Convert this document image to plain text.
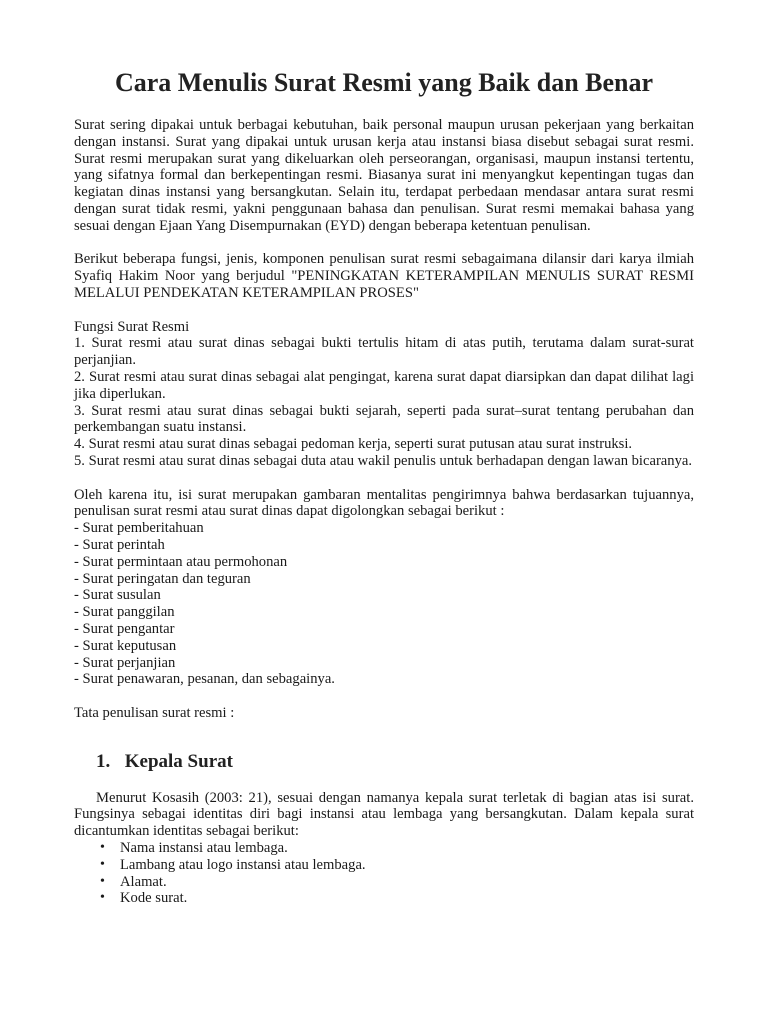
Cara Menulis Surat Resmi yang Baik dan Benar

Surat sering dipakai untuk berbagai kebutuhan, baik personal maupun urusan pekerjaan yang berkaitan dengan instansi. Surat yang dipakai untuk urusan kerja atau instansi biasa disebut sebagai surat resmi. Surat resmi merupakan surat yang dikeluarkan oleh perseorangan, organisasi, maupun instansi tertentu, yang sifatnya formal dan berkepentingan resmi. Biasanya surat ini menyangkut kepentingan tugas dan kegiatan dinas instansi yang bersangkutan. Selain itu, terdapat perbedaan mendasar antara surat resmi dengan surat tidak resmi, yakni penggunaan bahasa dan penulisan. Surat resmi memakai bahasa yang sesuai dengan Ejaan Yang Disempurnakan (EYD) dengan beberapa ketentuan penulisan.

Berikut beberapa fungsi, jenis, komponen penulisan surat resmi sebagaimana dilansir dari karya ilmiah Syafiq Hakim Noor yang berjudul "PENINGKATAN KETERAMPILAN MENULIS SURAT RESMI MELALUI PENDEKATAN KETERAMPILAN PROSES"

Fungsi Surat Resmi

1. Surat resmi atau surat dinas sebagai bukti tertulis hitam di atas putih, terutama dalam surat-surat perjanjian.

2. Surat resmi atau surat dinas sebagai alat pengingat, karena surat dapat diarsipkan dan dapat dilihat lagi jika diperlukan.

3. Surat resmi atau surat dinas sebagai bukti sejarah, seperti pada surat–surat tentang perubahan dan perkembangan suatu instansi.

4. Surat resmi atau surat dinas sebagai pedoman kerja, seperti surat putusan atau surat instruksi.

5. Surat resmi atau surat dinas sebagai duta atau wakil penulis untuk berhadapan dengan lawan bicaranya.

Oleh karena itu, isi surat merupakan gambaran mentalitas pengirimnya bahwa berdasarkan tujuannya, penulisan surat resmi atau surat dinas dapat digolongkan sebagai berikut :

- Surat pemberitahuan
- Surat perintah
- Surat permintaan atau permohonan
- Surat peringatan dan teguran
- Surat susulan
- Surat panggilan
- Surat pengantar
- Surat keputusan
- Surat perjanjian
- Surat penawaran, pesanan, dan sebagainya.

Tata penulisan surat resmi :

1. Kepala Surat

Menurut Kosasih (2003: 21), sesuai dengan namanya kepala surat terletak di bagian atas isi surat. Fungsinya sebagai identitas diri bagi instansi atau lembaga yang bersangkutan. Dalam kepala surat dicantumkan identitas sebagai berikut:

• Nama instansi atau lembaga.
• Lambang atau logo instansi atau lembaga.
• Alamat.
• Kode surat.
